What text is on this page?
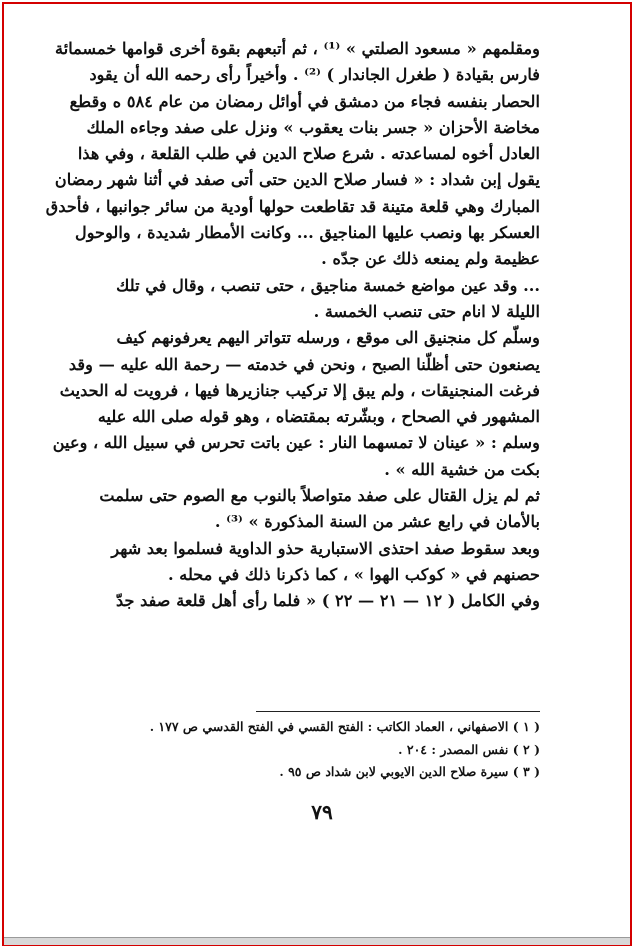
ومقلمهم « مسعود الصلتي » ⁽¹⁾ ، ثم أتبعهم بقوة أخرى قوامها خمسمائة
فارس بقيادة ( طغرل الجاندار ) ⁽²⁾ . وأخيراً رأى رحمه الله أن يقود
الحصار بنفسه فجاء من دمشق في أوائل رمضان من عام ٥٨٤ ه وقطع
مخاضة الأحزان « جسر بنات يعقوب » ونزل على صفد وجاءه الملك
العادل أخوه لمساعدته . شرع صلاح الدين في طلب القلعة ، وفي هذا
يقول إبن شداد : « فسار صلاح الدين حتى أتى صفد في أثنا شهر رمضان
المبارك وهي قلعة متينة قد تقاطعت حولها أودية من سائر جوانبها ، فأحدق
العسكر بها ونصب عليها المناجيق ... وكانت الأمطار شديدة ، والوحول
عظيمة ولم يمنعه ذلك عن جدّه .
... وقد عين مواضع خمسة مناجيق ، حتى تنصب ، وقال في تلك
الليلة لا انام حتى تنصب الخمسة .
وسلّم كل منجنيق الى موقع ، ورسله تتواتر اليهم يعرفونهم كيف
يصنعون حتى أظلّنا الصبح ، ونحن في خدمته — رحمة الله عليه — وقد
فرغت المنجنيقات ، ولم يبق إلا تركيب جنازيرها فيها ، فرويت له الحديث
المشهور في الصحاح ، وبشّرته بمقتضاه ، وهو قوله صلى الله عليه
وسلم : « عينان لا تمسهما النار : عين باتت تحرس في سبيل الله ، وعين
بكت من خشية الله » .
ثم لم يزل القتال على صفد متواصلاً بالنوب مع الصوم حتى سلمت
بالأمان في رابع عشر من السنة المذكورة » ⁽³⁾ .
وبعد سقوط صفد احتذى الاستبارية حذو الداوية فسلموا بعد شهر
حصنهم في « كوكب الهوا » ، كما ذكرنا ذلك في محله .
وفي الكامل ( ١٢ — ٢١ — ٢٢ ) « فلما رأى أهل قلعة صفد جدّ
( ١ ) الاصفهاني ، العماد الكاتب : الفتح القسي في الفتح القدسي ص ١٧٧ .
( ٢ ) نفس المصدر : ٢٠٤ .
( ٣ ) سيرة صلاح الدين الايوبي لابن شداد ص ٩٥ .
٧٩
